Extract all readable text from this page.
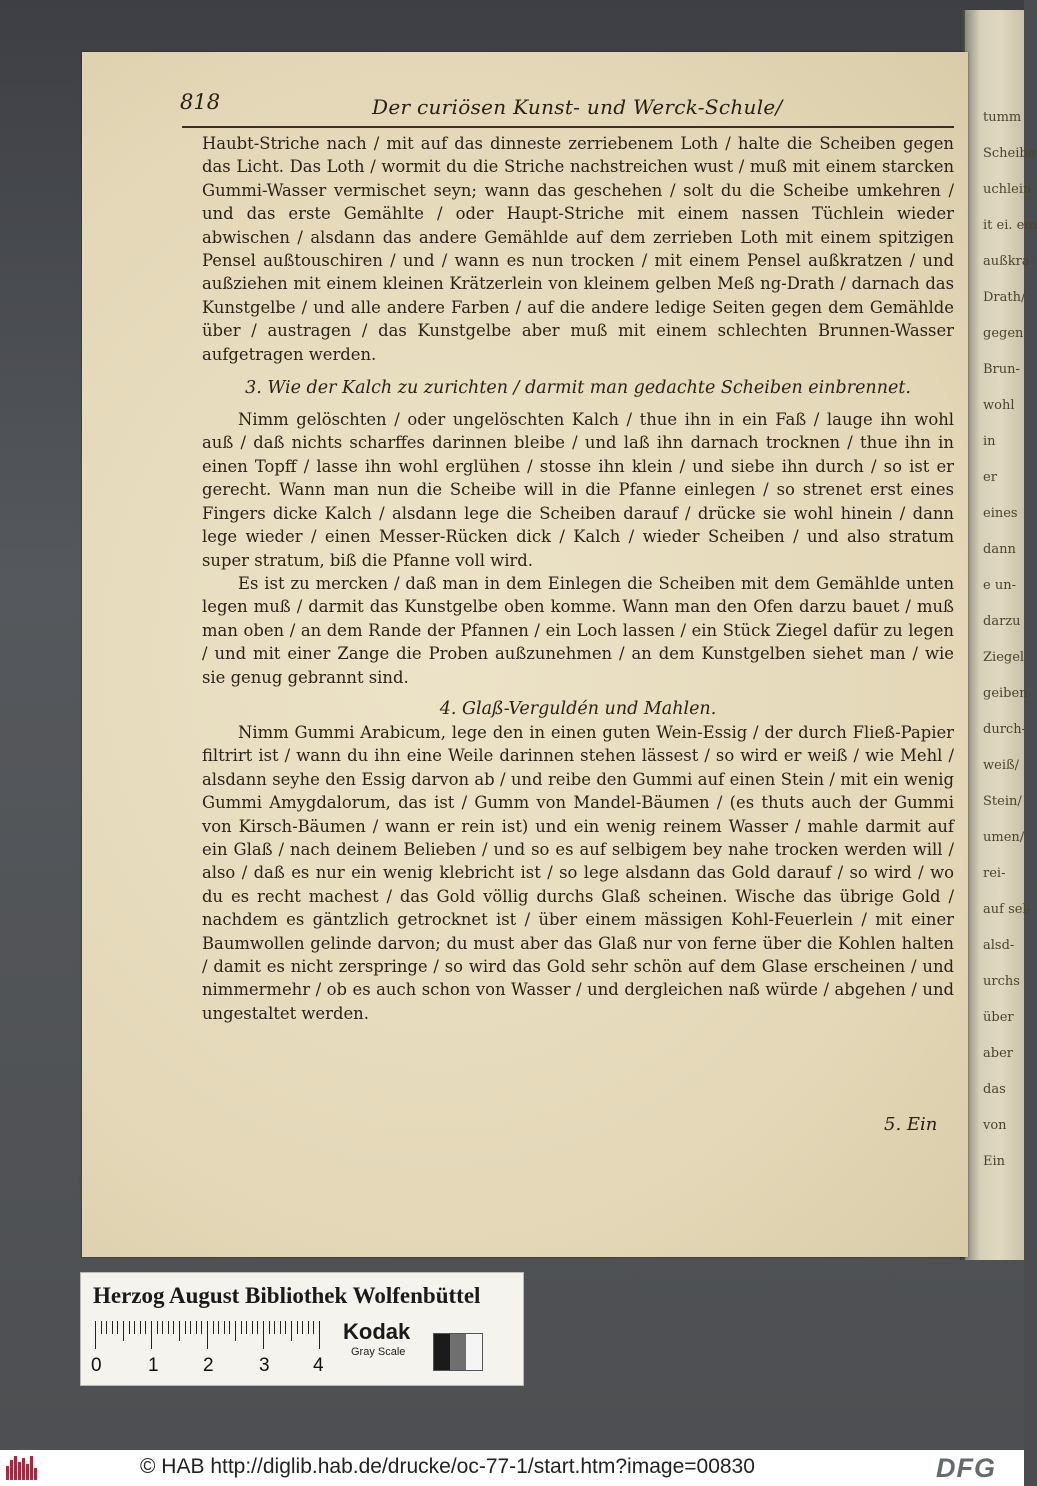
tumm
Scheibe
uchlein
it ei. em
außkra-
Drath/
gegen
Brun-
wohl
in
er
eines
dann
e un-
darzu
Ziegel
geiben
durch-
weiß/
Stein/
umen/
rei-
auf sel-
alsd-
urchs
über
aber
das
von
Ein
818	Der curiösen Kunst- und Werck-Schule/

Haubt-Striche nach / mit auf das dinneste zerriebenem Loth / halte die Scheiben gegen das Licht. Das Loth / wormit du die Striche nachstreichen wust / muß mit einem starcken Gummi-Wasser vermischet seyn; wann das geschehen / solt du die Scheibe umkehren / und das erste Gemählte / oder Haupt-Striche mit einem nassen Tüchlein wieder abwischen / alsdann das andere Gemählde auf dem zerrieben Loth mit einem spitzigen Pensel außtouschiren / und / wann es nun trocken / mit einem Pensel außkratzen / und außziehen mit einem kleinen Krätzerlein von kleinem gelben Meß ng-Drath / darnach das Kunstgelbe / und alle andere Farben / auf die andere ledige Seiten gegen dem Gemählde über / austragen / das Kunstgelbe aber muß mit einem schlechten Brunnen-Wasser aufgetragen werden.

3. Wie der Kalch zu zurichten / darmit man gedachte Scheiben einbrennet.

Nimm gelöschten / oder ungelöschten Kalch / thue ihn in ein Faß / lauge ihn wohl auß / daß nichts scharffes darinnen bleibe / und laß ihn darnach trocknen / thue ihn in einen Topff / lasse ihn wohl erglühen / stosse ihn klein / und siebe ihn durch / so ist er gerecht. Wann man nun die Scheibe will in die Pfanne einlegen / so strenet erst eines Fingers dicke Kalch / alsdann lege die Scheiben darauf / drücke sie wohl hinein / dann lege wieder / einen Messer-Rücken dick / Kalch / wieder Scheiben / und also stratum super stratum, biß die Pfanne voll wird.

Es ist zu mercken / daß man in dem Einlegen die Scheiben mit dem Gemählde unten legen muß / darmit das Kunstgelbe oben komme. Wann man den Ofen darzu bauet / muß man oben / an dem Rande der Pfannen / ein Loch lassen / ein Stück Ziegel dafür zu legen / und mit einer Zange die Proben außzunehmen / an dem Kunstgelben siehet man / wie sie genug gebrannt sind.

4. Glaß-Verguldén und Mahlen.

Nimm Gummi Arabicum, lege den in einen guten Wein-Essig / der durch Fließ-Papier filtrirt ist / wann du ihn eine Weile darinnen stehen lässest / so wird er weiß / wie Mehl / alsdann seyhe den Essig darvon ab / und reibe den Gummi auf einen Stein / mit ein wenig Gummi Amygdalorum, das ist / Gumm von Mandel-Bäumen / (es thuts auch der Gummi von Kirsch-Bäumen / wann er rein ist) und ein wenig reinem Wasser / mahle darmit auf ein Glaß / nach deinem Belieben / und so es auf selbigem bey nahe trocken werden will / also / daß es nur ein wenig klebricht ist / so lege alsdann das Gold darauf / so wird / wo du es recht machest / das Gold völlig durchs Glaß scheinen. Wische das übrige Gold / nachdem es gäntzlich getrocknet ist / über einem mässigen Kohl-Feuerlein / mit einer Baumwollen gelinde darvon; du must aber das Glaß nur von ferne über die Kohlen halten / damit es nicht zerspringe / so wird das Gold sehr schön auf dem Glase erscheinen / und nimmermehr / ob es auch schon von Wasser / und dergleichen naß würde / abgehen / und ungestaltet werden.

5. Ein
Herzog August Bibliothek Wolfenbüttel
0 1 2 3 4
Kodak
Gray Scale
© HAB http://diglib.hab.de/drucke/oc-77-1/start.htm?image=00830	DFG
